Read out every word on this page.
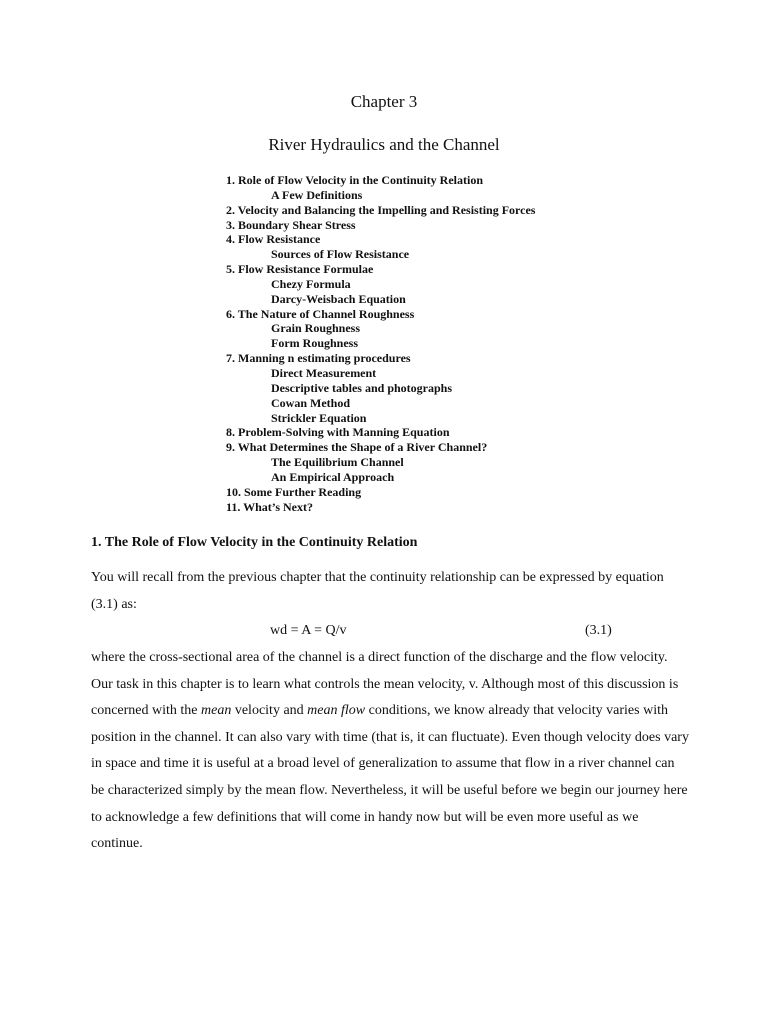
Chapter 3
River Hydraulics and the Channel
1. Role of Flow Velocity in the Continuity Relation
A Few Definitions
2. Velocity and Balancing the Impelling and Resisting Forces
3. Boundary Shear Stress
4. Flow Resistance
Sources of Flow Resistance
5. Flow Resistance Formulae
Chezy Formula
Darcy-Weisbach Equation
6. The Nature of Channel Roughness
Grain Roughness
Form Roughness
7. Manning n estimating procedures
Direct Measurement
Descriptive tables and photographs
Cowan Method
Strickler Equation
8. Problem-Solving with Manning Equation
9. What Determines the Shape of a River Channel?
The Equilibrium Channel
An Empirical Approach
10. Some Further Reading
11. What’s Next?
1. The Role of Flow Velocity in the Continuity Relation

You will recall from the previous chapter that the continuity relationship can be expressed by equation (3.1) as:

wd = A = Q/v	(3.1)

where the cross-sectional area of the channel is a direct function of the discharge and the flow velocity. Our task in this chapter is to learn what controls the mean velocity, v. Although most of this discussion is concerned with the mean velocity and mean flow conditions, we know already that velocity varies with position in the channel. It can also vary with time (that is, it can fluctuate). Even though velocity does vary in space and time it is useful at a broad level of generalization to assume that flow in a river channel can be characterized simply by the mean flow. Nevertheless, it will be useful before we begin our journey here to acknowledge a few definitions that will come in handy now but will be even more useful as we continue.
